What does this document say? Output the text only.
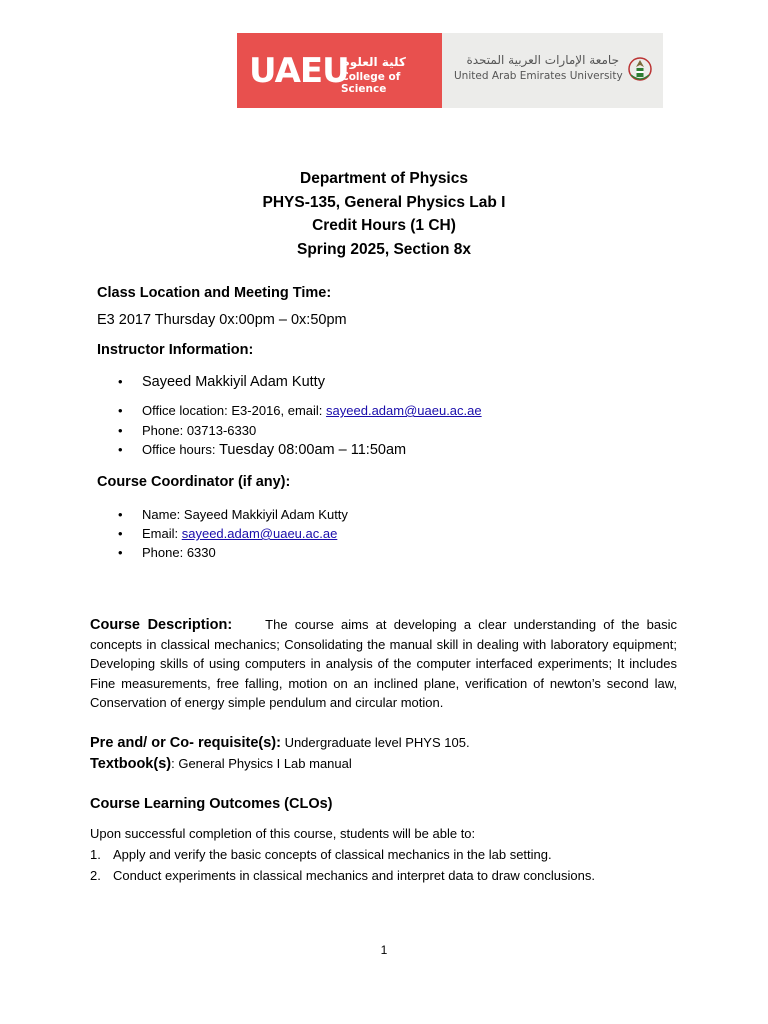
UAEU
كلية العلوم
College of Science
جامعة الإمارات العربية المتحدة
United Arab Emirates University
Department of Physics
PHYS-135, General Physics Lab I
Credit Hours (1 CH)
Spring 2025, Section 8x
Class Location and Meeting Time:
E3 2017 Thursday 0x:00pm – 0x:50pm
Instructor Information:
• Sayeed Makkiyil Adam Kutty
• Office location: E3-2016, email: sayeed.adam@uaeu.ac.ae
• Phone: 03713-6330
• Office hours: Tuesday 08:00am – 11:50am
Course Coordinator (if any):
• Name: Sayeed Makkiyil Adam Kutty
• Email: sayeed.adam@uaeu.ac.ae
• Phone: 6330
Course Description:	The course aims at developing a clear understanding of the basic concepts in classical mechanics; Consolidating the manual skill in dealing with laboratory equipment; Developing skills of using computers in analysis of the computer interfaced experiments; It includes Fine measurements, free falling, motion on an inclined plane, verification of newton’s second law, Conservation of energy simple pendulum and circular motion.
Pre and/ or Co- requisite(s): Undergraduate level PHYS 105.
Textbook(s): General Physics I Lab manual
Course Learning Outcomes (CLOs)
Upon successful completion of this course, students will be able to:
1. Apply and verify the basic concepts of classical mechanics in the lab setting.
2. Conduct experiments in classical mechanics and interpret data to draw conclusions.
1
